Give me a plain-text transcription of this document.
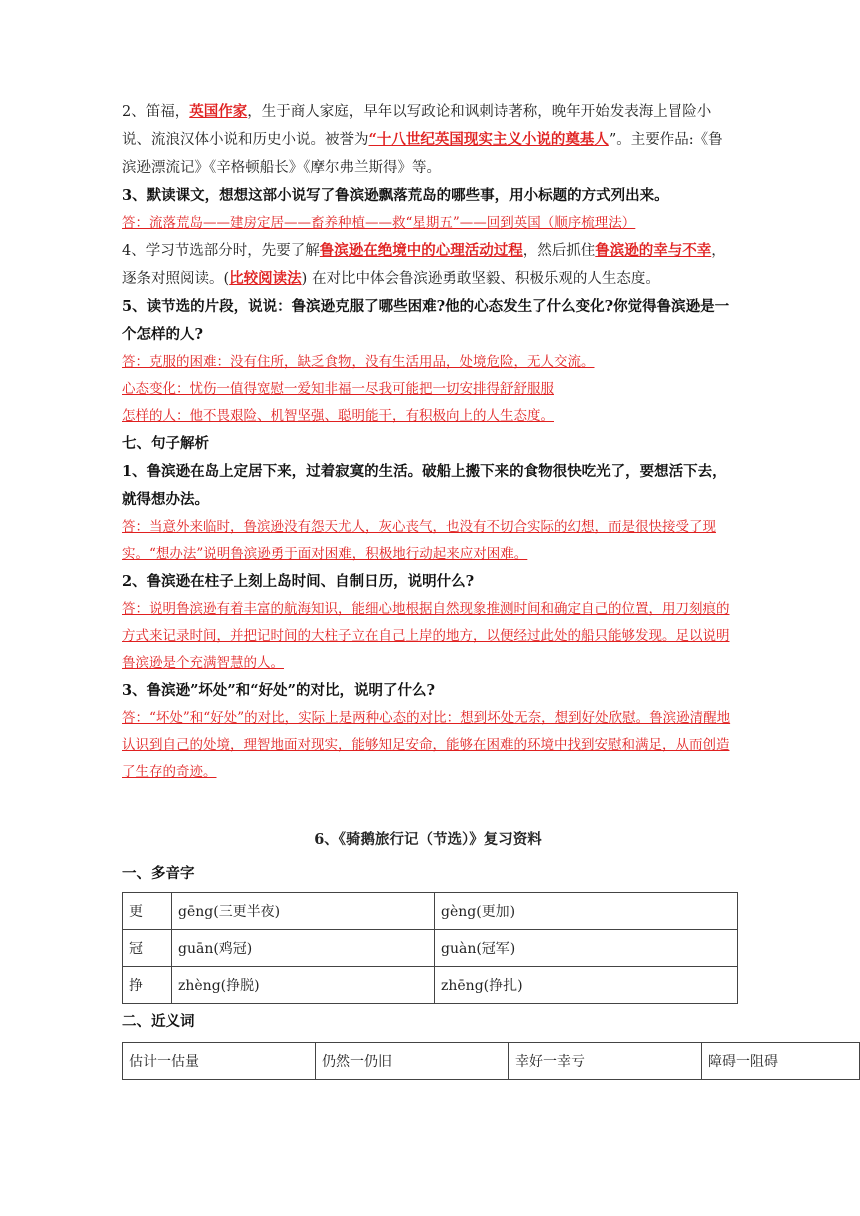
2、笛福，英国作家，生于商人家庭，早年以写政论和讽刺诗著称，晚年开始发表海上冒险小说、流浪汉体小说和历史小说。被誉为“十八世纪英国现实主义小说的奠基人”。主要作品:《鲁滨逊漂流记》《辛格顿船长》《摩尔弗兰斯得》等。

3、默读课文，想想这部小说写了鲁滨逊飘落荒岛的哪些事，用小标题的方式列出来。

答：流落荒岛——建房定居——畜养种植——救“星期五”——回到英国（顺序梳理法）

4、学习节选部分时，先要了解鲁滨逊在绝境中的心理活动过程，然后抓住鲁滨逊的幸与不幸，逐条对照阅读。(比较阅读法) 在对比中体会鲁滨逊勇敢坚毅、积极乐观的人生态度。

5、读节选的片段，说说：鲁滨逊克服了哪些困难?他的心态发生了什么变化?你觉得鲁滨逊是一个怎样的人?

答：克服的困难：没有住所，缺乏食物，没有生活用品，处境危险，无人交流。

心态变化：忧伤一值得宽慰一爱知非福一尽我可能把一切安排得舒舒服服

怎样的人：他不畏艰险、机智坚强、聪明能干，有积极向上的人生态度。

七、句子解析

1、鲁滨逊在岛上定居下来，过着寂寞的生活。破船上搬下来的食物很快吃光了，要想活下去，就得想办法。

答：当意外来临时，鲁滨逊没有怨天尤人，灰心丧气，也没有不切合实际的幻想，而是很快接受了现实。“想办法”说明鲁滨逊勇于面对困难，积极地行动起来应对困难。

2、鲁滨逊在柱子上刻上岛时间、自制日历，说明什么?

答：说明鲁滨逊有着丰富的航海知识，能细心地根据自然现象推测时间和确定自己的位置，用刀刻痕的方式来记录时间，并把记时间的大柱子立在自己上岸的地方，以便经过此处的船只能够发现。足以说明鲁滨逊是个充满智慧的人。

3、鲁滨逊”坏处”和“好处”的对比，说明了什么?

答：“坏处”和“好处”的对比，实际上是两种心态的对比：想到坏处无奈，想到好处欣慰。鲁滨逊清醒地认识到自己的处境，理智地面对现实，能够知足安命，能够在困难的环境中找到安慰和满足，从而创造了生存的奇迹。

6、《骑鹅旅行记（节选）》复习资料

一、多音字

更	gēng(三更半夜)	gèng(更加)
冠	guān(鸡冠)	guàn(冠军)
挣	zhèng(挣脱)	zhēng(挣扎)

二、近义词

估计一估量	仍然一仍旧	幸好一幸亏	障碍一阻碍
